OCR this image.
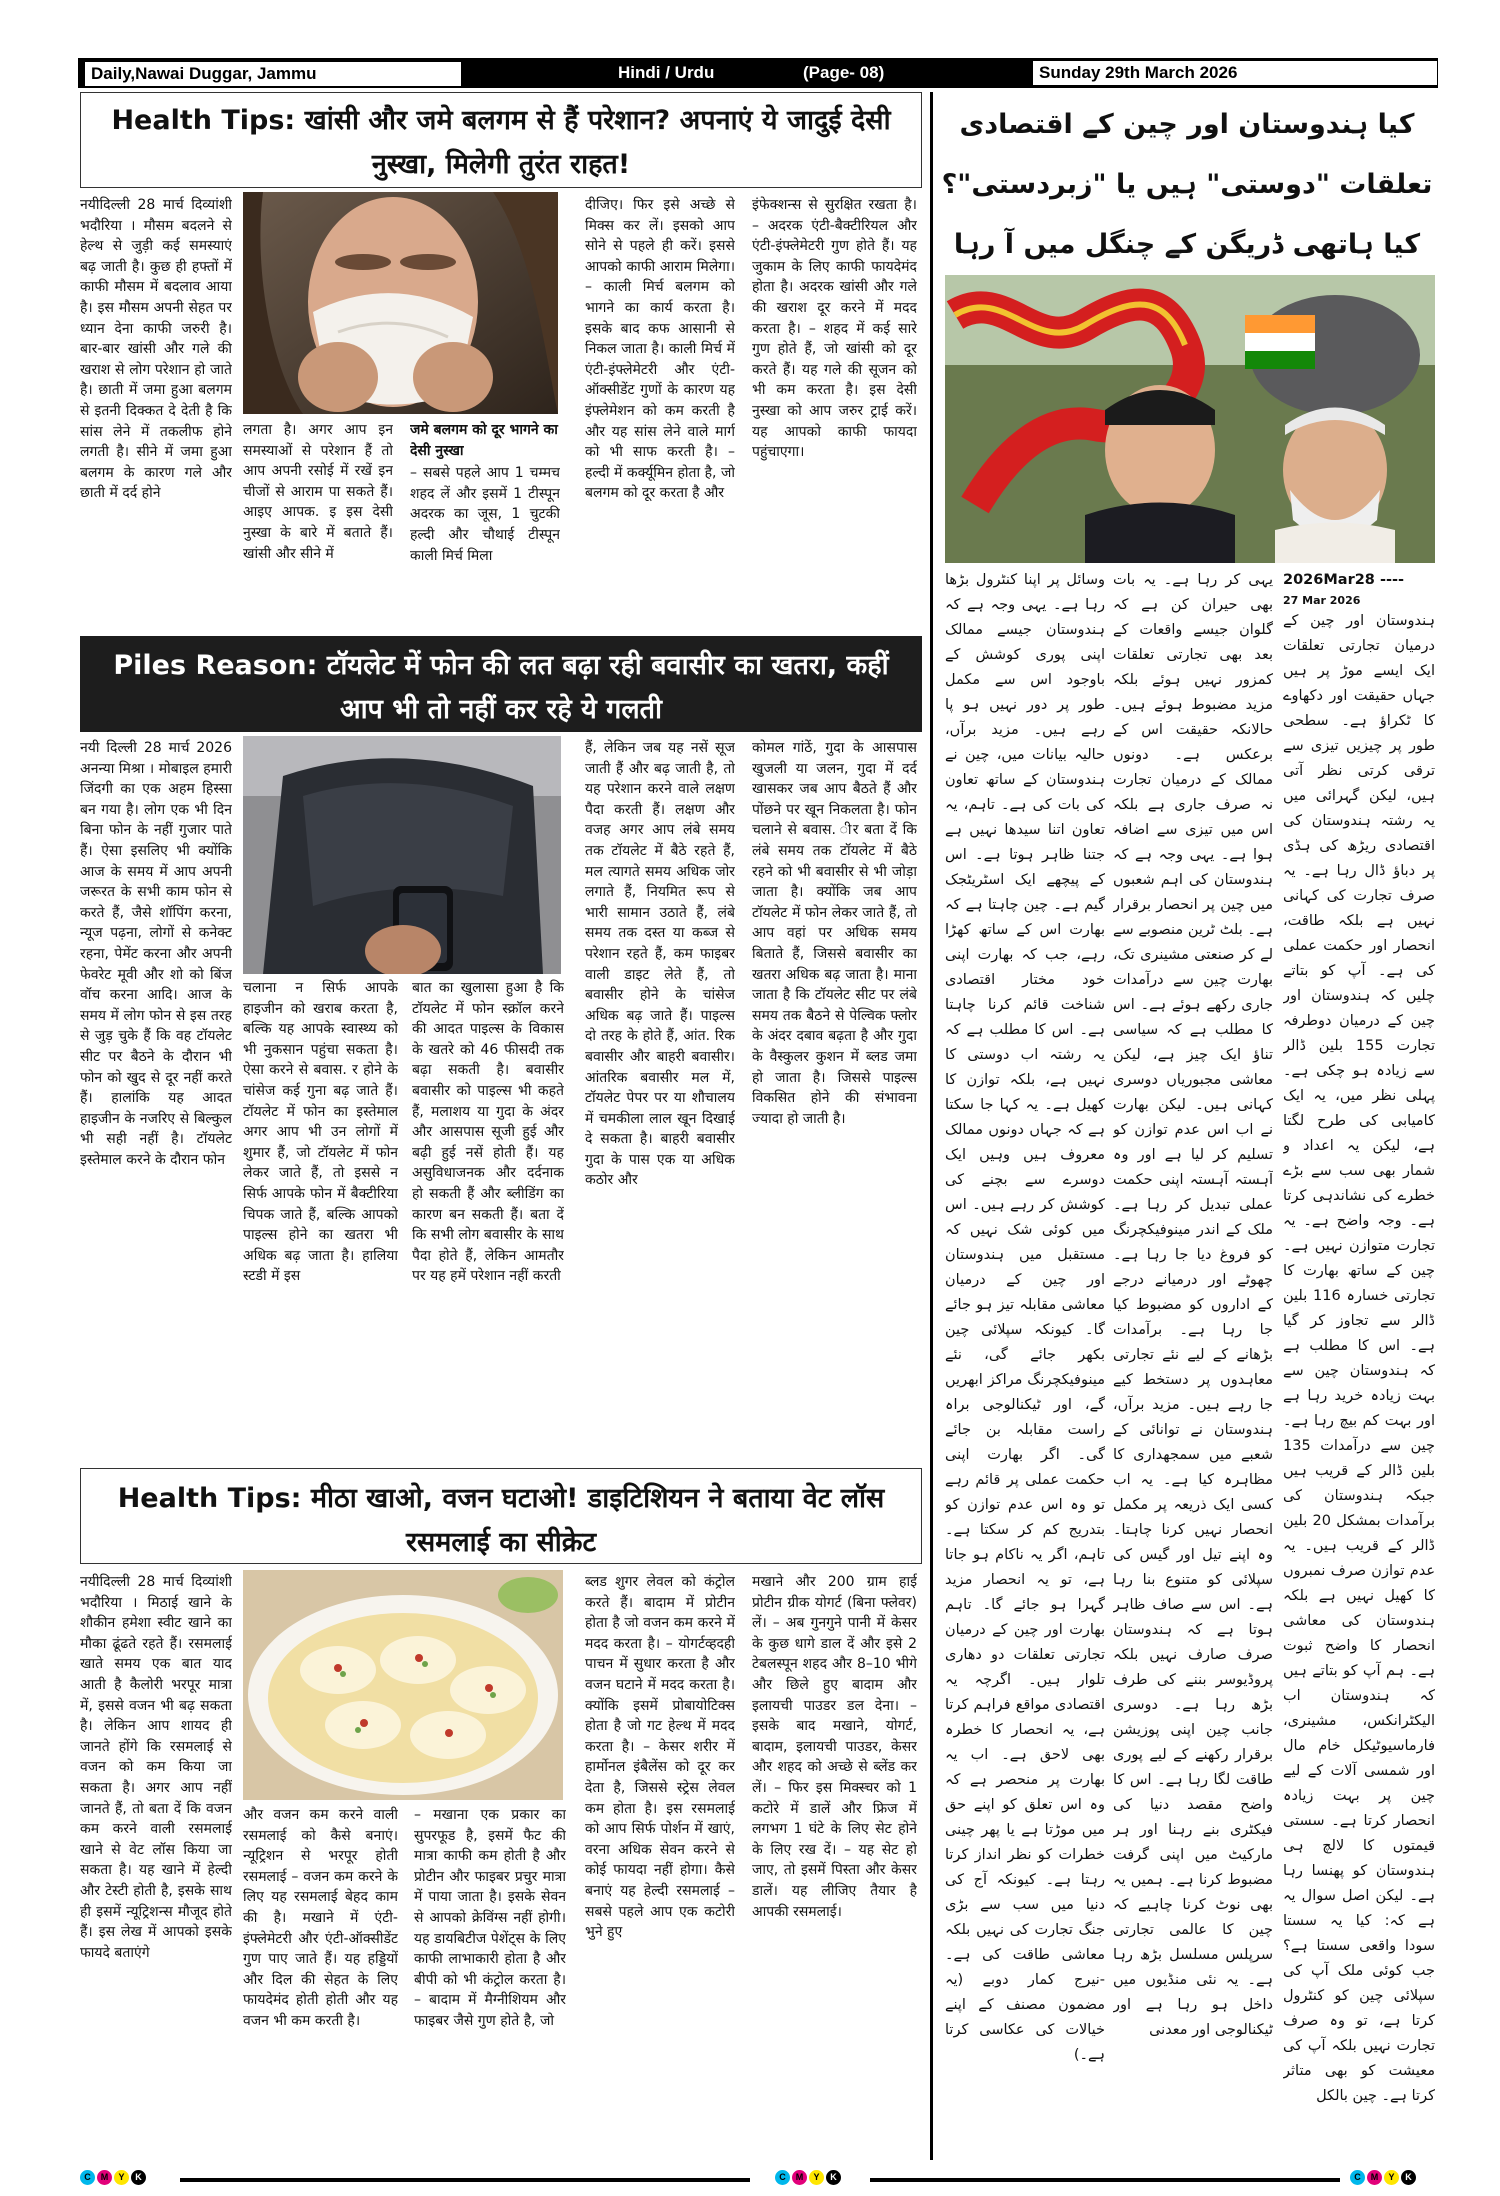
Daily,Nawai Duggar, Jammu	Hindi / Urdu	(Page- 08)	Sunday 29th March 2026
Health Tips: खांसी और जमे बलगम से हैं परेशान? अपनाएं ये जादुई देसी नुस्खा, मिलेगी तुरंत राहत!

नयीदिल्ली 28 मार्च दिव्यांशी भदौरिया । मौसम बदलने से हेल्थ से जुड़ी कई समस्याएं बढ़ जाती है। कुछ ही हफ्तों में काफी मौसम में बदलाव आया है। इस मौसम अपनी सेहत पर ध्यान देना काफी जरुरी है। बार-बार खांसी और गले की खराश से लोग परेशान हो जाते है। छाती में जमा हुआ बलगम से इतनी दिक्कत दे देती है कि सांस लेने में तकलीफ होने लगती है। सीने में जमा हुआ बलगम के कारण गले और छाती में दर्द होने

लगता है। अगर आप इन समस्याओं से परेशान हैं तो आप अपनी रसोई में रखें इन चीजों से आराम पा सकते हैं। आइए आपक. इ इस देसी नुस्खा के बारे में बताते हैं। खांसी और सीने में

जमे बलगम को दूर भागने का देसी नुस्खा

– सबसे पहले आप 1 चम्मच शहद लें और इसमें 1 टीस्पून अदरक का जूस, 1 चुटकी हल्दी और चौथाई टीस्पून काली मिर्च मिला

दीजिए। फिर इसे अच्छे से मिक्स कर लें। इसको आप सोने से पहले ही करें। इससे आपको काफी आराम मिलेगा। – काली मिर्च बलगम को भागने का कार्य करता है। इसके बाद कफ आसानी से निकल जाता है। काली मिर्च में एंटी-इंफ्लेमेटरी और एंटी-ऑक्सीडेंट गुणों के कारण यह इंफ्लेमेशन को कम करती है और यह सांस लेने वाले मार्ग को भी साफ करती है। – हल्दी में कर्क्यूमिन होता है, जो बलगम को दूर करता है और

इंफेक्शन्स से सुरक्षित रखता है। – अदरक एंटी-बैक्टीरियल और एंटी-इंफ्लेमेटरी गुण होते हैं। यह जुकाम के लिए काफी फायदेमंद होता है। अदरक खांसी और गले की खराश दूर करने में मदद करता है। – शहद में कई सारे गुण होते हैं, जो खांसी को दूर करते हैं। यह गले की सूजन को भी कम करता है। इस देसी नुस्खा को आप जरुर ट्राई करें। यह आपको काफी फायदा पहुंचाएगा।

Piles Reason: टॉयलेट में फोन की लत बढ़ा रही बवासीर का खतरा, कहीं आप भी तो नहीं कर रहे ये गलती

नयी दिल्ली 28 मार्च 2026 अनन्या मिश्रा । मोबाइल हमारी जिंदगी का एक अहम हिस्सा बन गया है। लोग एक भी दिन बिना फोन के नहीं गुजार पाते हैं। ऐसा इसलिए भी क्योंकि आज के समय में आप अपनी जरूरत के सभी काम फोन से करते हैं, जैसे शॉपिंग करना, न्यूज पढ़ना, लोगों से कनेक्ट रहना, पेमेंट करना और अपनी फेवरेट मूवी और शो को बिंज वॉच करना आदि। आज के समय में लोग फोन से इस तरह से जुड़ चुके हैं कि वह टॉयलेट सीट पर बैठने के दौरान भी फोन को खुद से दूर नहीं करते हैं। हालांकि यह आदत हाइजीन के नजरिए से बिल्कुल भी सही नहीं है। टॉयलेट इस्तेमाल करने के दौरान फोन

चलाना न सिर्फ आपके हाइजीन को खराब करता है, बल्कि यह आपके स्वास्थ्य को भी नुकसान पहुंचा सकता है। ऐसा करने से बवास. र होने के चांसेज कई गुना बढ़ जाते हैं। टॉयलेट में फोन का इस्तेमाल अगर आप भी उन लोगों में शुमार हैं, जो टॉयलेट में फोन लेकर जाते हैं, तो इससे न सिर्फ आपके फोन में बैक्टीरिया चिपक जाते हैं, बल्कि आपको पाइल्स होने का खतरा भी अधिक बढ़ जाता है। हालिया स्टडी में इस

बात का खुलासा हुआ है कि टॉयलेट में फोन स्क्रॉल करने की आदत पाइल्स के विकास के खतरे को 46 फीसदी तक बढ़ा सकती है। बवासीर बवासीर को पाइल्स भी कहते हैं, मलाशय या गुदा के अंदर और आसपास सूजी हुई और बढ़ी हुई नसें होती हैं। यह असुविधाजनक और दर्दनाक हो सकती हैं और ब्लीडिंग का कारण बन सकती हैं। बता दें कि सभी लोग बवासीर के साथ पैदा होते हैं, लेकिन आमतौर पर यह हमें परेशान नहीं करती

हैं, लेकिन जब यह नसें सूज जाती हैं और बढ़ जाती है, तो यह परेशान करने वाले लक्षण पैदा करती हैं। लक्षण और वजह अगर आप लंबे समय तक टॉयलेट में बैठे रहते हैं, मल त्यागते समय अधिक जोर लगाते हैं, नियमित रूप से भारी सामान उठाते हैं, लंबे समय तक दस्त या कब्ज से परेशान रहते हैं, कम फाइबर वाली डाइट लेते हैं, तो बवासीर होने के चांसेज अधिक बढ़ जाते हैं। पाइल्स दो तरह के होते हैं, आंत. रिक बवासीर और बाहरी बवासीर। आंतरिक बवासीर मल में, टॉयलेट पेपर पर या शौचालय में चमकीला लाल खून दिखाई दे सकता है। बाहरी बवासीर गुदा के पास एक या अधिक कठोर और

कोमल गांठें, गुदा के आसपास खुजली या जलन, गुदा में दर्द खासकर जब आप बैठते हैं और पोंछने पर खून निकलता है। फोन चलाने से बवास. ीर बता दें कि लंबे समय तक टॉयलेट में बैठे रहने को भी बवासीर से भी जोड़ा जाता है। क्योंकि जब आप टॉयलेट में फोन लेकर जाते हैं, तो आप वहां पर अधिक समय बिताते हैं, जिससे बवासीर का खतरा अधिक बढ़ जाता है। माना जाता है कि टॉयलेट सीट पर लंबे समय तक बैठने से पेल्विक फ्लोर के अंदर दबाव बढ़ता है और गुदा के वैस्कुलर कुशन में ब्लड जमा हो जाता है। जिससे पाइल्स विकसित होने की संभावना ज्यादा हो जाती है।

Health Tips: मीठा खाओ, वजन घटाओ! डाइटिशियन ने बताया वेट लॉस रसमलाई का सीक्रेट

नयीदिल्ली 28 मार्च दिव्यांशी भदौरिया । मिठाई खाने के शौकीन हमेशा स्वीट खाने का मौका ढूंढते रहते हैं। रसमलाई खाते समय एक बात याद आती है कैलोरी भरपूर मात्रा में, इससे वजन भी बढ़ सकता है। लेकिन आप शायद ही जानते होंगे कि रसमलाई से वजन को कम किया जा सकता है। अगर आप नहीं जानते हैं, तो बता दें कि वजन कम करने वाली रसमलाई खाने से वेट लॉस किया जा सकता है। यह खाने में हेल्दी और टेस्टी होती है, इसके साथ ही इसमें न्यूट्रिशन्स मौजूद होते हैं। इस लेख में आपको इसके फायदे बताएंगे

और वजन कम करने वाली रसमलाई को कैसे बनाएं। न्यूट्रिशन से भरपूर होती रसमलाई – वजन कम करने के लिए यह रसमलाई बेहद काम की है। मखाने में एंटी-इंफ्लेमेटरी और एंटी-ऑक्सीडेंट गुण पाए जाते हैं। यह हड्डियों और दिल की सेहत के लिए फायदेमंद होती होती और यह वजन भी कम करती है।

– मखाना एक प्रकार का सुपरफूड है, इसमें फैट की मात्रा काफी कम होती है और प्रोटीन और फाइबर प्रचुर मात्रा में पाया जाता है। इसके सेवन से आपको क्रेविंग्स नहीं होगी। यह डायबिटीज पेशेंट्स के लिए काफी लाभाकारी होता है और बीपी को भी कंट्रोल करता है। – बादाम में मैग्नीशियम और फाइबर जैसे गुण होते है, जो

ब्लड शुगर लेवल को कंट्रोल करते हैं। बादाम में प्रोटीन होता है जो वजन कम करने में मदद करता है। – योगर्टव्हदही पाचन में सुधार करता है और वजन घटाने में मदद करता है। क्योंकि इसमें प्रोबायोटिक्स होता है जो गट हेल्थ में मदद करता है। – केसर शरीर में हार्मोनल इंबैलेंस को दूर कर देता है, जिससे स्ट्रेस लेवल कम होता है। इस रसमलाई को आप सिर्फ पोर्शन में खाएं, वरना अधिक सेवन करने से कोई फायदा नहीं होगा। कैसे बनाएं यह हेल्दी रसमलाई – सबसे पहले आप एक कटोरी भुने हुए

मखाने और 200 ग्राम हाई प्रोटीन ग्रीक योगर्ट (बिना फ्लेवर) लें। – अब गुनगुने पानी में केसर के कुछ धागे डाल दें और इसे 2 टेबलस्पून शहद और 8–10 भीगे और छिले हुए बादाम और इलायची पाउडर डल देना। – इसके बाद मखाने, योगर्ट, बादाम, इलायची पाउडर, केसर और शहद को अच्छे से ब्लेंड कर लें। – फिर इस मिक्स्चर को 1 कटोरे में डालें और फ्रिज में लगभग 1 घंटे के लिए सेट होने के लिए रख दें। – यह सेट हो जाए, तो इसमें पिस्ता और केसर डालें। यह लीजिए तैयार है आपकी रसमलाई।

کیا ہندوستان اور چین کے اقتصادی تعلقات "دوستی" ہیں یا "زبردستی"؟ کیا ہاتھی ڈریگن کے چنگل میں آ رہا

2026Mar28 ----

27 Mar 2026

ہندوستان اور چین کے درمیان تجارتی تعلقات ایک ایسے موڑ پر ہیں جہاں حقیقت اور دکھاوے کا ٹکراؤ ہے۔ سطحی طور پر چیزیں تیزی سے ترقی کرتی نظر آتی ہیں، لیکن گہرائی میں یہ رشتہ ہندوستان کی اقتصادی ریڑھ کی ہڈی پر دباؤ ڈال رہا ہے۔ یہ صرف تجارت کی کہانی نہیں ہے بلکہ طاقت، انحصار اور حکمت عملی کی ہے۔ آپ کو بتاتے چلیں کہ ہندوستان اور چین کے درمیان دوطرفہ تجارت 155 بلین ڈالر سے زیادہ ہو چکی ہے۔ پہلی نظر میں، یہ ایک کامیابی کی طرح لگتا ہے، لیکن یہ اعداد و شمار بھی سب سے بڑے خطرے کی نشاندہی کرتا ہے۔ وجہ واضح ہے۔ یہ تجارت متوازن نہیں ہے۔ چین کے ساتھ بھارت کا تجارتی خسارہ 116 بلین ڈالر سے تجاوز کر گیا ہے۔ اس کا مطلب ہے کہ ہندوستان چین سے بہت زیادہ خرید رہا ہے اور بہت کم بیچ رہا ہے۔ چین سے درآمدات 135 بلین ڈالر کے قریب ہیں جبکہ ہندوستان کی برآمدات بمشکل 20 بلین ڈالر کے قریب ہیں۔ یہ عدم توازن صرف نمبروں کا کھیل نہیں ہے بلکہ ہندوستان کی معاشی انحصار کا واضح ثبوت ہے۔ ہم آپ کو بتاتے ہیں کہ ہندوستان اب الیکٹرانکس، مشینری، فارماسیوٹیکل خام مال اور شمسی آلات کے لیے چین پر بہت زیادہ انحصار کرتا ہے۔ سستی قیمتوں کا لالچ ہی ہندوستان کو پھنسا رہا ہے۔ لیکن اصل سوال یہ ہے کہ: کیا یہ سستا سودا واقعی سستا ہے؟ جب کوئی ملک آپ کی سپلائی چین کو کنٹرول کرتا ہے، تو وہ صرف تجارت نہیں بلکہ آپ کی معیشت کو بھی متاثر کرتا ہے۔ چین بالکل

یہی کر رہا ہے۔ یہ بات بھی حیران کن ہے کہ گلوان جیسے واقعات کے بعد بھی تجارتی تعلقات کمزور نہیں ہوئے بلکہ مزید مضبوط ہوئے ہیں۔ حالانکہ حقیقت اس کے برعکس ہے۔ دونوں ممالک کے درمیان تجارت نہ صرف جاری ہے بلکہ اس میں تیزی سے اضافہ ہوا ہے۔ یہی وجہ ہے کہ ہندوستان کی اہم شعبوں میں چین پر انحصار برقرار ہے۔ بلٹ ٹرین منصوبے سے لے کر صنعتی مشینری تک، بھارت چین سے درآمدات جاری رکھے ہوئے ہے۔ اس کا مطلب ہے کہ سیاسی تناؤ ایک چیز ہے، لیکن معاشی مجبوریاں دوسری کہانی ہیں۔ لیکن بھارت نے اب اس عدم توازن کو تسلیم کر لیا ہے اور وہ آہستہ آہستہ اپنی حکمت عملی تبدیل کر رہا ہے۔ ملک کے اندر مینوفیکچرنگ کو فروغ دیا جا رہا ہے۔ چھوٹے اور درمیانے درجے کے اداروں کو مضبوط کیا جا رہا ہے۔ برآمدات بڑھانے کے لیے نئے تجارتی معاہدوں پر دستخط کیے جا رہے ہیں۔ مزید برآں، ہندوستان نے توانائی کے شعبے میں سمجھداری کا مظاہرہ کیا ہے۔ یہ اب کسی ایک ذریعہ پر مکمل انحصار نہیں کرنا چاہتا۔ وہ اپنے تیل اور گیس کی سپلائی کو متنوع بنا رہا ہے۔ اس سے صاف ظاہر ہوتا ہے کہ ہندوستان صرف صارف نہیں بلکہ پروڈیوسر بننے کی طرف بڑھ رہا ہے۔ دوسری جانب چین اپنی پوزیشن برقرار رکھنے کے لیے پوری طاقت لگا رہا ہے۔ اس کا واضح مقصد دنیا کی فیکٹری بنے رہنا اور ہر مارکیٹ میں اپنی گرفت مضبوط کرنا ہے۔ ہمیں یہ بھی نوٹ کرنا چاہیے کہ چین کا عالمی تجارتی سرپلس مسلسل بڑھ رہا ہے۔ یہ نئی منڈیوں میں داخل ہو رہا ہے اور ٹیکنالوجی اور معدنی

وسائل پر اپنا کنٹرول بڑھا رہا ہے۔ یہی وجہ ہے کہ ہندوستان جیسے ممالک اپنی پوری کوشش کے باوجود اس سے مکمل طور پر دور نہیں ہو پا رہے ہیں۔ مزید برآں، حالیہ بیانات میں، چین نے ہندوستان کے ساتھ تعاون کی بات کی ہے۔ تاہم، یہ تعاون اتنا سیدھا نہیں ہے جتنا ظاہر ہوتا ہے۔ اس کے پیچھے ایک اسٹریٹجک گیم ہے۔ چین چاہتا ہے کہ بھارت اس کے ساتھ کھڑا رہے، جب کہ بھارت اپنی خود مختار اقتصادی شناخت قائم کرنا چاہتا ہے۔ اس کا مطلب ہے کہ یہ رشتہ اب دوستی کا نہیں ہے، بلکہ توازن کا کھیل ہے۔ یہ کہا جا سکتا ہے کہ جہاں دونوں ممالک معروف ہیں وہیں ایک دوسرے سے بچنے کی کوشش کر رہے ہیں۔ اس میں کوئی شک نہیں کہ مستقبل میں ہندوستان اور چین کے درمیان معاشی مقابلہ تیز ہو جائے گا۔ کیونکہ سپلائی چین بکھر جائے گی، نئے مینوفیکچرنگ مراکز ابھریں گے، اور ٹیکنالوجی براہ راست مقابلہ بن جائے گی۔ اگر بھارت اپنی حکمت عملی پر قائم رہے تو وہ اس عدم توازن کو بتدریج کم کر سکتا ہے۔ تاہم، اگر یہ ناکام ہو جاتا ہے، تو یہ انحصار مزید گہرا ہو جائے گا۔ تاہم بھارت اور چین کے درمیان تجارتی تعلقات دو دھاری تلوار ہیں۔ اگرچہ یہ اقتصادی مواقع فراہم کرتا ہے، یہ انحصار کا خطرہ بھی لاحق ہے۔ اب یہ بھارت پر منحصر ہے کہ وہ اس تعلق کو اپنے حق میں موڑتا ہے یا پھر چینی خطرات کو نظر انداز کرتا رہتا ہے۔ کیونکہ آج کی دنیا میں سب سے بڑی جنگ تجارت کی نہیں بلکہ معاشی طاقت کی ہے۔ -نیرج کمار دوبے (یہ مضمون مصنف کے اپنے خیالات کی عکاسی کرتا ہے۔)

C	M	Y	K	C	M	Y	K	C	M	Y	K
